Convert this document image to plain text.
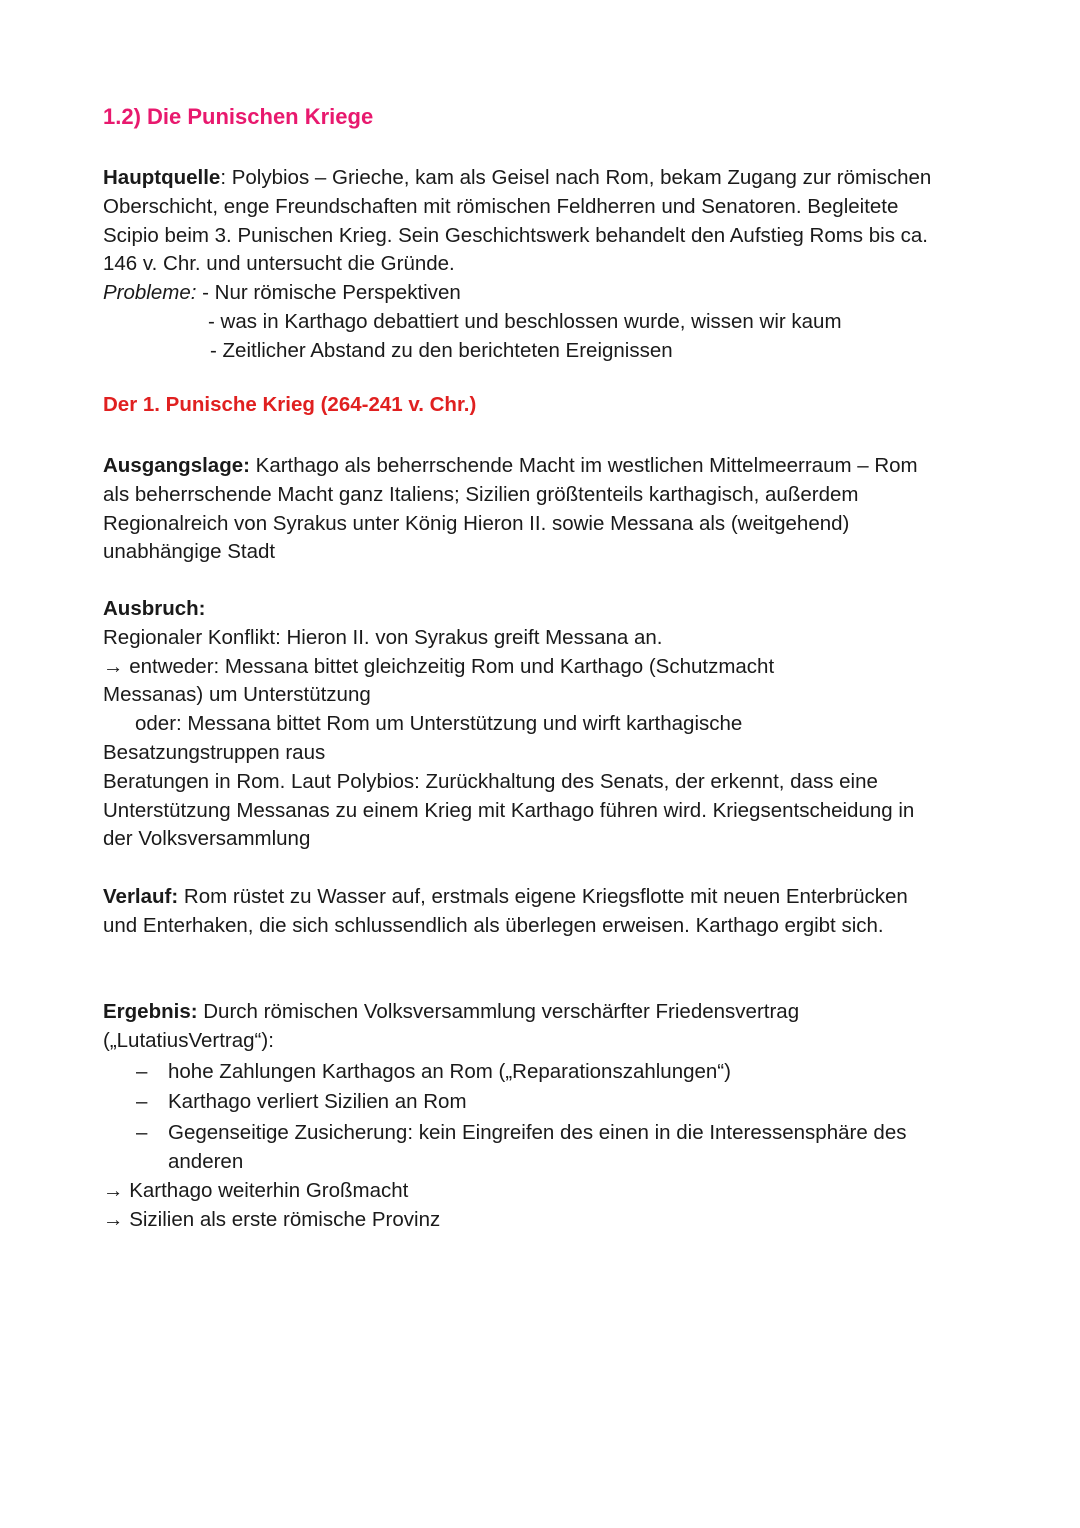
1.2) Die Punischen Kriege
Hauptquelle: Polybios – Grieche, kam als Geisel nach Rom, bekam Zugang zur römischen
Oberschicht, enge Freundschaften mit römischen Feldherren und Senatoren. Begleitete
Scipio beim 3. Punischen Krieg. Sein Geschichtswerk behandelt den Aufstieg Roms bis ca.
146 v. Chr. und untersucht die Gründe.
Probleme: - Nur römische Perspektiven
- was in Karthago debattiert und beschlossen wurde, wissen wir kaum
- Zeitlicher Abstand zu den berichteten Ereignissen
Der 1. Punische Krieg (264-241 v. Chr.)
Ausgangslage: Karthago als beherrschende Macht im westlichen Mittelmeerraum – Rom
als beherrschende Macht ganz Italiens; Sizilien größtenteils karthagisch, außerdem
Regionalreich von Syrakus unter König Hieron II. sowie Messana als (weitgehend)
unabhängige Stadt
Ausbruch:
Regionaler Konflikt: Hieron II. von Syrakus greift Messana an.
→ entweder: Messana bittet gleichzeitig Rom und Karthago (Schutzmacht
Messanas) um Unterstützung
oder: Messana bittet Rom um Unterstützung und wirft karthagische
Besatzungstruppen raus
Beratungen in Rom. Laut Polybios: Zurückhaltung des Senats, der erkennt, dass eine
Unterstützung Messanas zu einem Krieg mit Karthago führen wird. Kriegsentscheidung in
der Volksversammlung
Verlauf: Rom rüstet zu Wasser auf, erstmals eigene Kriegsflotte mit neuen Enterbrücken
und Enterhaken, die sich schlussendlich als überlegen erweisen. Karthago ergibt sich.
Ergebnis: Durch römischen Volksversammlung verschärfter Friedensvertrag
(„LutatiusVertrag“):
– hohe Zahlungen Karthagos an Rom („Reparationszahlungen“)
– Karthago verliert Sizilien an Rom
– Gegenseitige Zusicherung: kein Eingreifen des einen in die Interessensphäre des
anderen
→ Karthago weiterhin Großmacht
→ Sizilien als erste römische Provinz
